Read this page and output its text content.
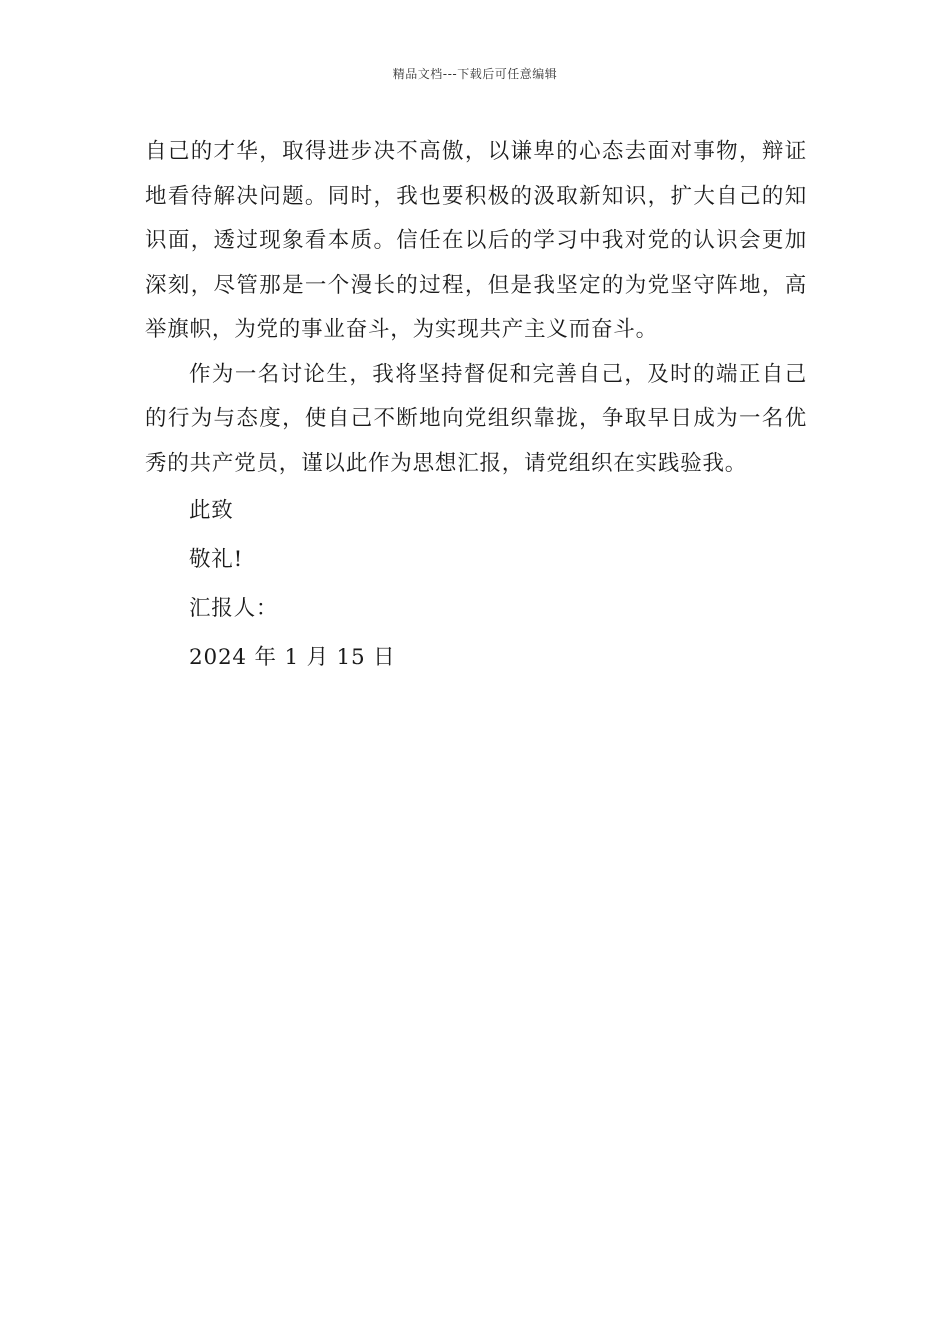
精品文档---下载后可任意编辑

自己的才华，取得进步决不高傲，以谦卑的心态去面对事物，辩证地看待解决问题。同时，我也要积极的汲取新知识，扩大自己的知识面，透过现象看本质。信任在以后的学习中我对党的认识会更加深刻，尽管那是一个漫长的过程，但是我坚定的为党坚守阵地，高举旗帜，为党的事业奋斗，为实现共产主义而奋斗。

作为一名讨论生，我将坚持督促和完善自己，及时的端正自己的行为与态度，使自己不断地向党组织靠拢，争取早日成为一名优秀的共产党员，谨以此作为思想汇报，请党组织在实践验我。

此致

敬礼!

汇报人：

2024 年 1 月 15 日
